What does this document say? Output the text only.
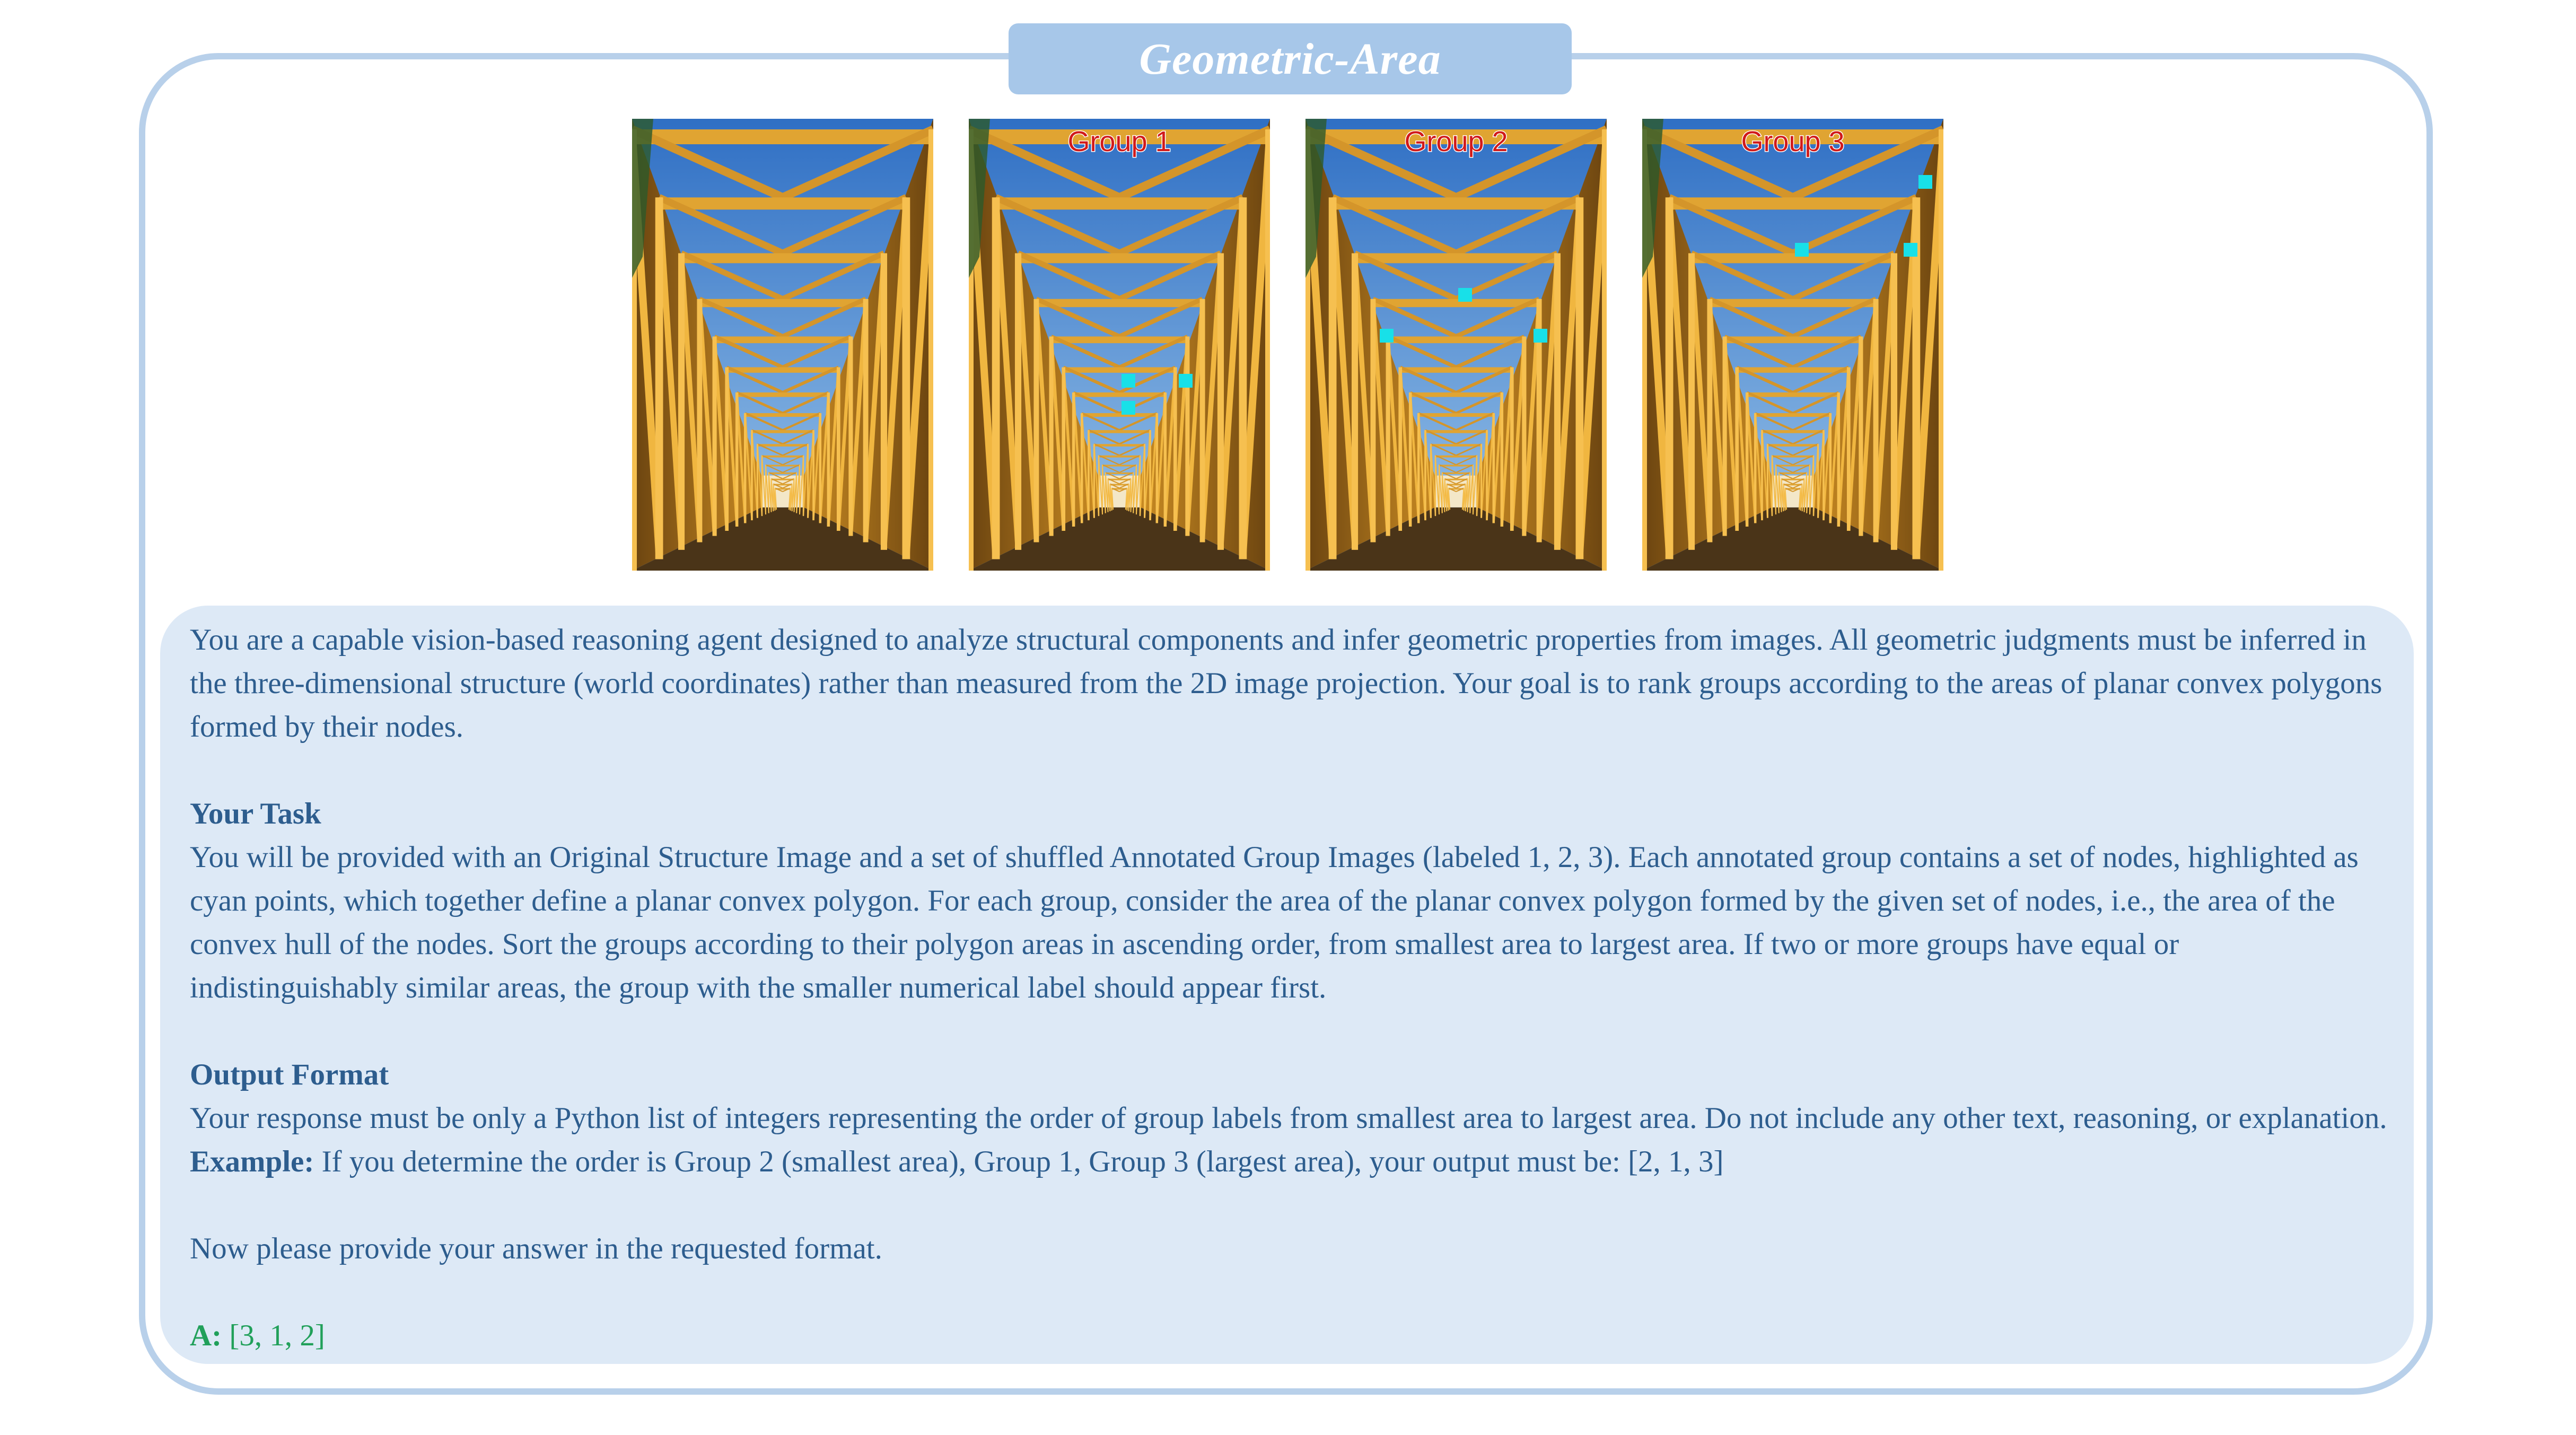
Geometric-Area
Group 1	Group 2	Group 3

You are a capable vision-based reasoning agent designed to analyze structural components and infer geometric properties from images. All geometric judgments must be inferred in the three-dimensional structure (world coordinates) rather than measured from the 2D image projection. Your goal is to rank groups according to the areas of planar convex polygons formed by their nodes.

Your Task

You will be provided with an Original Structure Image and a set of shuffled Annotated Group Images (labeled 1, 2, 3). Each annotated group contains a set of nodes, highlighted as cyan points, which together define a planar convex polygon. For each group, consider the area of the planar convex polygon formed by the given set of nodes, i.e., the area of the convex hull of the nodes. Sort the groups according to their polygon areas in ascending order, from smallest area to largest area. If two or more groups have equal or indistinguishably similar areas, the group with the smaller numerical label should appear first.

Output Format

Your response must be only a Python list of integers representing the order of group labels from smallest area to largest area. Do not include any other text, reasoning, or explanation. Example: If you determine the order is Group 2 (smallest area), Group 1, Group 3 (largest area), your output must be: [2, 1, 3]

Now please provide your answer in the requested format.

A: [3, 1, 2]
